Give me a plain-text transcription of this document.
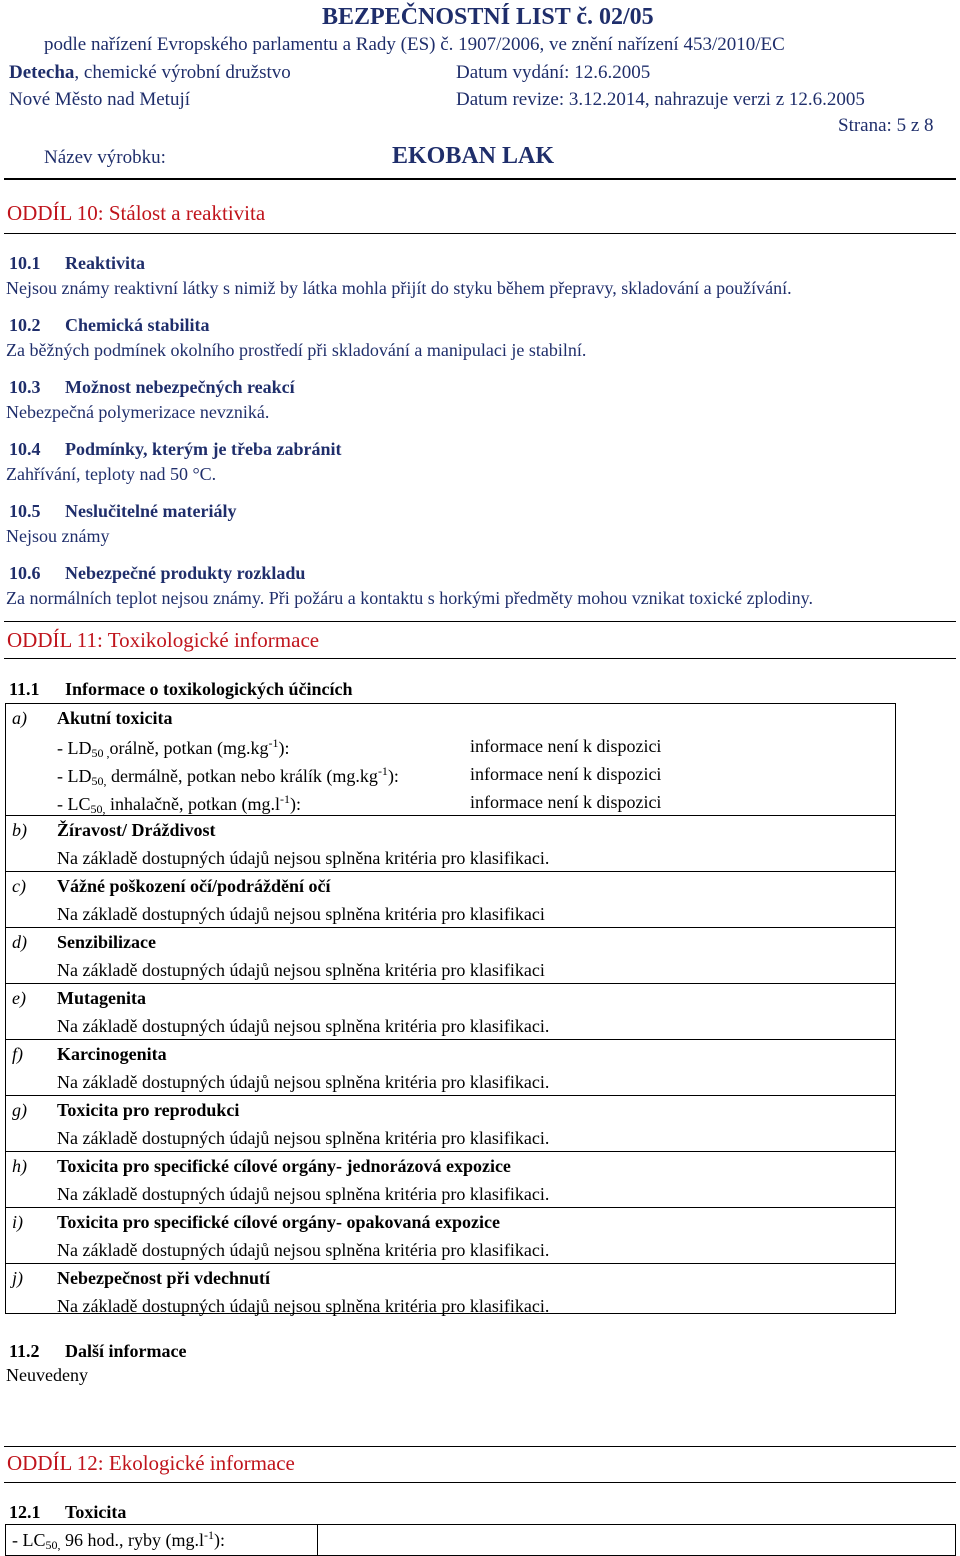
BEZPEČNOSTNÍ LIST č. 02/05
podle nařízení Evropského parlamentu a Rady (ES) č. 1907/2006, ve znění nařízení 453/2010/EC
Detecha, chemické výrobní družstvo	Datum vydání: 12.6.2005
Nové Město nad Metují	Datum revize: 3.12.2014, nahrazuje verzi z 12.6.2005
Strana: 5 z 8
Název výrobku:	EKOBAN LAK
ODDÍL 10: Stálost a reaktivita
10.1 Reaktivita
Nejsou známy reaktivní látky s nimiž by látka mohla přijít do styku během přepravy, skladování a používání.
10.2 Chemická stabilita
Za běžných podmínek okolního prostředí při skladování a manipulaci je stabilní.
10.3 Možnost nebezpečných reakcí
Nebezpečná polymerizace nevzniká.
10.4 Podmínky, kterým je třeba zabránit
Zahřívání, teploty nad 50 °C.
10.5 Neslučitelné materiály
Nejsou známy
10.6 Nebezpečné produkty rozkladu
Za normálních teplot nejsou známy. Při požáru a kontaktu s horkými předměty mohou vznikat toxické zplodiny.
ODDÍL 11: Toxikologické informace
11.1 Informace o toxikologických účincích
a) Akutní toxicita
- $LD_{50 ,}orá\ln ě$, potkan $(mg.kg^{-1})$:	informace není k dispozici
- $LD_{50,}$ dermálně, potkan nebo králík $(mg.kg^{-1})$:	informace není k dispozici
- $LC_{50,}$ inhalačně, potkan $(mg.l^{-1})$:	informace není k dispozici
b) Žíravost/ Dráždivost
Na základě dostupných údajů nejsou splněna kritéria pro klasifikaci.
c) Vážné poškození očí/podráždění očí
Na základě dostupných údajů nejsou splněna kritéria pro klasifikaci
d) Senzibilizace
Na základě dostupných údajů nejsou splněna kritéria pro klasifikaci
e) Mutagenita
Na základě dostupných údajů nejsou splněna kritéria pro klasifikaci.
f) Karcinogenita
Na základě dostupných údajů nejsou splněna kritéria pro klasifikaci.
g) Toxicita pro reprodukci
Na základě dostupných údajů nejsou splněna kritéria pro klasifikaci.
h) Toxicita pro specifické cílové orgány- jednorázová expozice
Na základě dostupných údajů nejsou splněna kritéria pro klasifikaci.
i) Toxicita pro specifické cílové orgány- opakovaná expozice
Na základě dostupných údajů nejsou splněna kritéria pro klasifikaci.
j) Nebezpečnost při vdechnutí
Na základě dostupných údajů nejsou splněna kritéria pro klasifikaci.
11.2 Další informace
Neuvedeny
ODDÍL 12: Ekologické informace
12.1 Toxicita
- $LC_{50,}$ 96 hod., ryby $(mg.l^{-1})$:
